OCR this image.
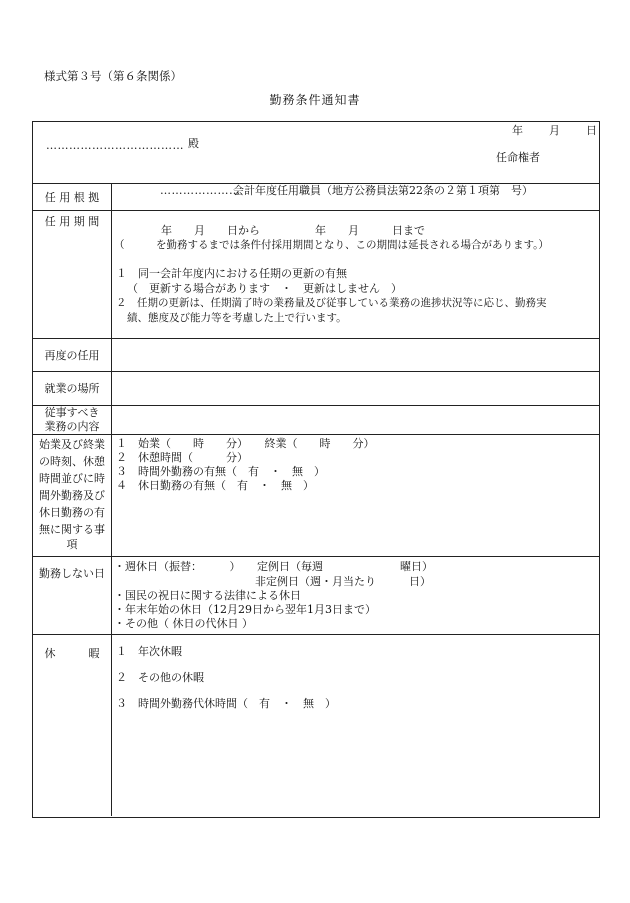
様式第３号（第６条関係）
勤務条件通知書
年 月 日
……………………………… 殿
任命権者
任 用 根 拠
…………………
会計年度任用職員（地方公務員法第22条の２第１項第　号）
任 用 期 間
年　　月　　日から　　　　　年　　月　　　日まで
（　　　を勤務するまでは条件付採用期間となり、この期間は延長される場合があります。）
１　同一会計年度内における任期の更新の有無
（　更新する場合があります　・　更新はしません　）
２　任期の更新は、任期満了時の業務量及び従事している業務の進捗状況等に応じ、勤務実
績、態度及び能力等を考慮した上で行います。
再度の任用
就業の場所
従事すべき
業務の内容
始業及び終業
の時刻、休憩
時間並びに時
間外勤務及び
休日勤務の有
無に関する事
項
１　始業（　　時　　分）　　終業（　　時　　分）
２　休憩時間（　　　分）
３　時間外勤務の有無（　有　・　無　）
４　休日勤務の有無（　有　・　無　）
勤務しない日
・週休日（振替：　　　）　　定例日（毎週　　　　　　　曜日）
非定例日（週・月当たり　　　日）
・国民の祝日に関する法律による休日
・年末年始の休日（12月29日から翌年1月3日まで）
・その他（ 休日の代休日 ）
休　　　暇	１　年次休暇
２　その他の休暇
３　時間外勤務代休時間（　有　・　無　）
